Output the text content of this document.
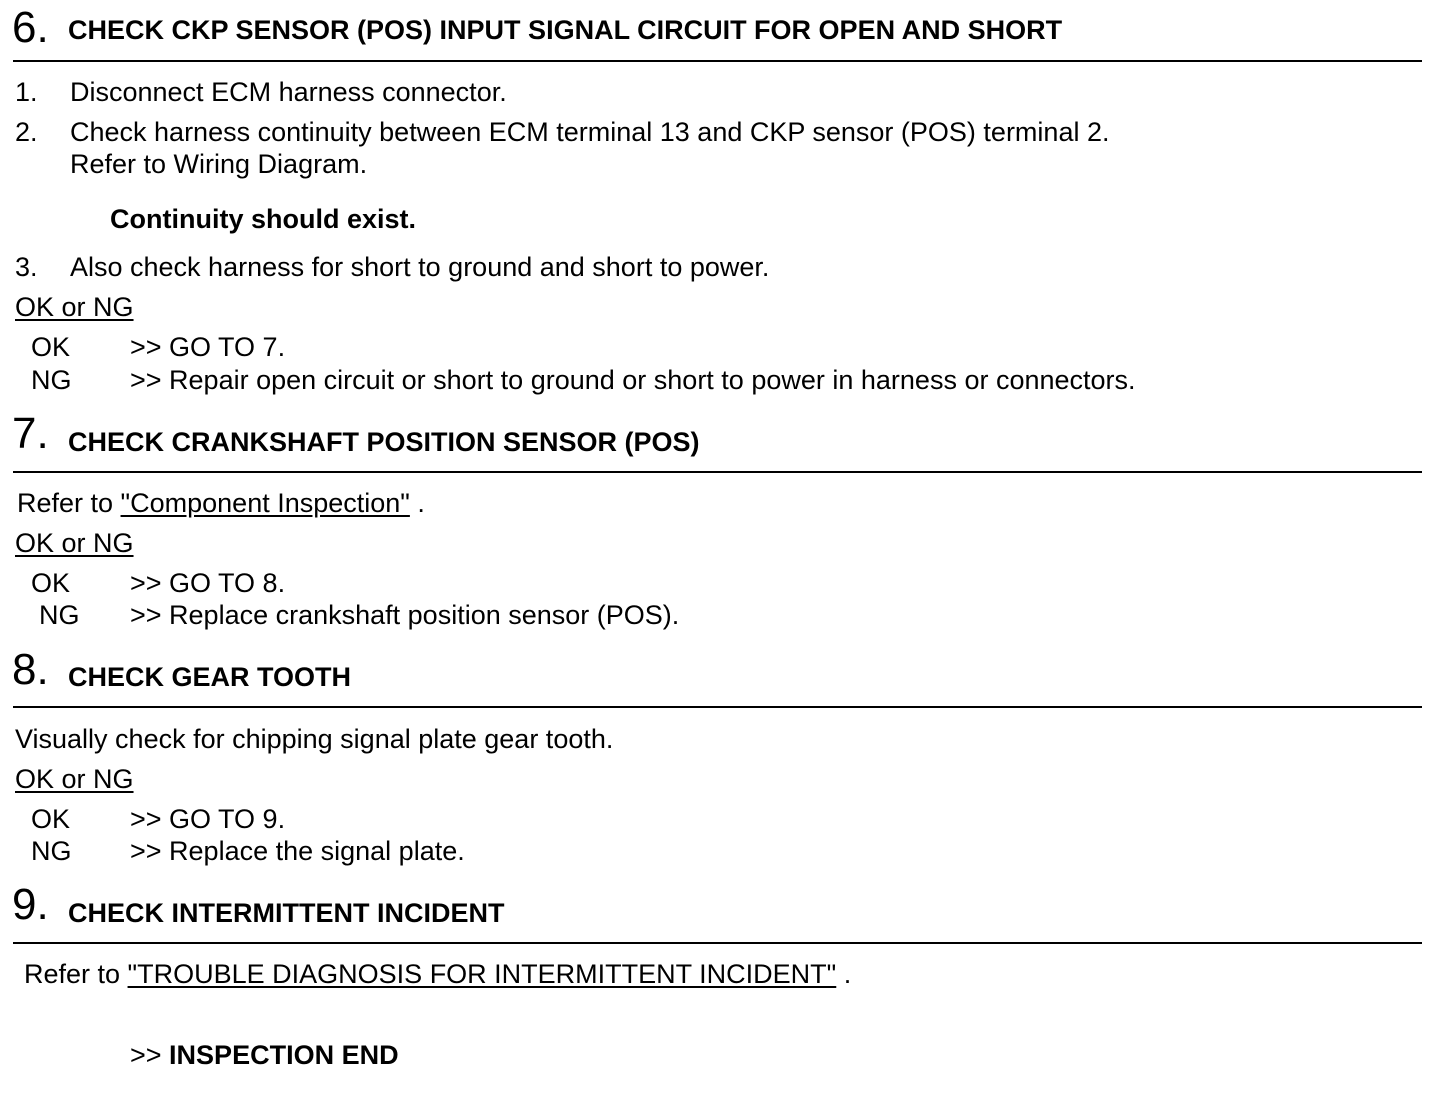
6. CHECK CKP SENSOR (POS) INPUT SIGNAL CIRCUIT FOR OPEN AND SHORT
1. Disconnect ECM harness connector.
2. Check harness continuity between ECM terminal 13 and CKP sensor (POS) terminal 2.
Refer to Wiring Diagram.
Continuity should exist.
3. Also check harness for short to ground and short to power.
OK or NG
OK >> GO TO 7.
NG >> Repair open circuit or short to ground or short to power in harness or connectors.
7. CHECK CRANKSHAFT POSITION SENSOR (POS)
Refer to "Component Inspection" .
OK or NG
OK >> GO TO 8.
NG >> Replace crankshaft position sensor (POS).
8. CHECK GEAR TOOTH
Visually check for chipping signal plate gear tooth.
OK or NG
OK >> GO TO 9.
NG >> Replace the signal plate.
9. CHECK INTERMITTENT INCIDENT
Refer to "TROUBLE DIAGNOSIS FOR INTERMITTENT INCIDENT" .
>> INSPECTION END
